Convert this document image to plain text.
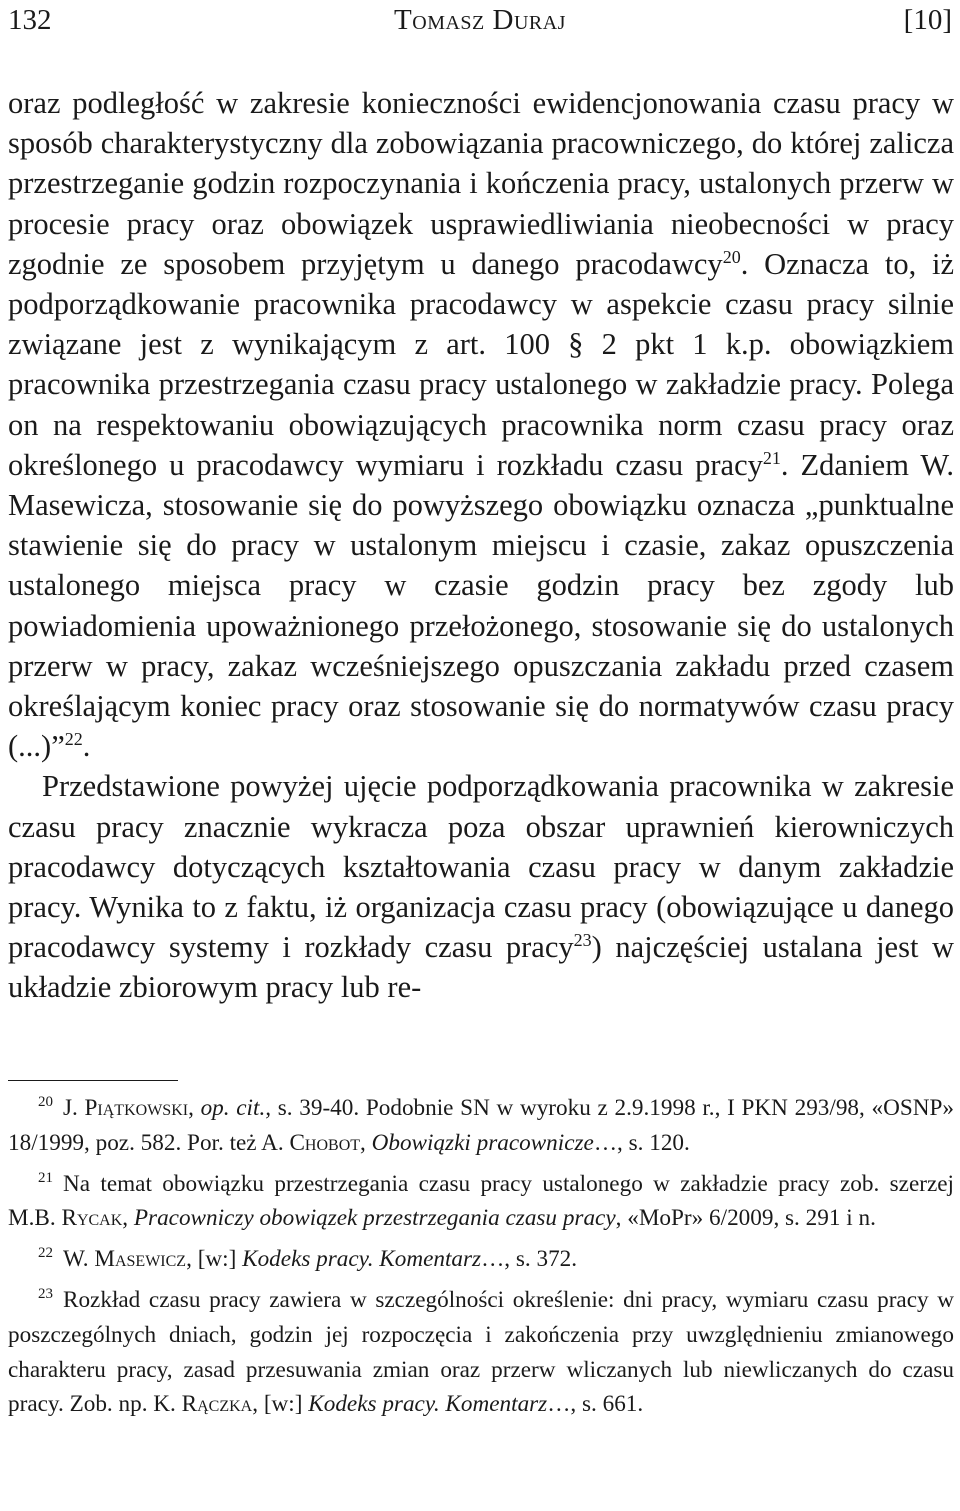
132	Tomasz Duraj	[10]

oraz podległość w zakresie konieczności ewidencjonowania czasu pracy w sposób charakterystyczny dla zobowiązania pracowniczego, do której zalicza przestrzeganie godzin rozpoczynania i kończenia pracy, ustalonych przerw w procesie pracy oraz obowiązek usprawiedliwiania nieobecności w pracy zgodnie ze sposobem przyjętym u danego pracodawcy$^{20}$. Oznacza to, iż podporządkowanie pracownika pracodawcy w aspekcie czasu pracy silnie związane jest z wynikającym z art. 100 § 2 pkt 1 k.p. obowiązkiem pracownika przestrzegania czasu pracy ustalonego w zakładzie pracy. Polega on na respektowaniu obowiązujących pracownika norm czasu pracy oraz określonego u pracodawcy wymiaru i rozkładu czasu pracy$^{21}$. Zdaniem W. Masewicza, stosowanie się do powyższego obowiązku oznacza „punktualne stawienie się do pracy w ustalonym miejscu i czasie, zakaz opuszczenia ustalonego miejsca pracy w czasie godzin pracy bez zgody lub powiadomienia upoważnionego przełożonego, stosowanie się do ustalonych przerw w pracy, zakaz wcześniejszego opuszczania zakładu przed czasem określającym koniec pracy oraz stosowanie się do normatywów czasu pracy (...)”$^{22}$.

Przedstawione powyżej ujęcie podporządkowania pracownika w zakresie czasu pracy znacznie wykracza poza obszar uprawnień kierowniczych pracodawcy dotyczących kształtowania czasu pracy w danym zakładzie pracy. Wynika to z faktu, iż organizacja czasu pracy (obowiązujące u danego pracodawcy systemy i rozkłady czasu pracy$^{23}$) najczęściej ustalana jest w układzie zbiorowym pracy lub re-

$^{20}$ J. Piątkowski, op. cit., s. 39-40. Podobnie SN w wyroku z 2.9.1998 r., I PKN 293/98, «OSNP» 18/1999, poz. 582. Por. też A. Chobot, Obowiązki pracownicze…, s. 120.

$^{21}$ Na temat obowiązku przestrzegania czasu pracy ustalonego w zakładzie pracy zob. szerzej M.B. Rycak, Pracowniczy obowiązek przestrzegania czasu pracy, «MoPr» 6/2009, s. 291 i n.

$^{22}$ W. Masewicz, [w:] Kodeks pracy. Komentarz…, s. 372.

$^{23}$ Rozkład czasu pracy zawiera w szczególności określenie: dni pracy, wymiaru czasu pracy w poszczególnych dniach, godzin jej rozpoczęcia i zakończenia przy uwzględnieniu zmianowego charakteru pracy, zasad przesuwania zmian oraz przerw wliczanych lub niewliczanych do czasu pracy. Zob. np. K. Rączka, [w:] Kodeks pracy. Komentarz…, s. 661.
